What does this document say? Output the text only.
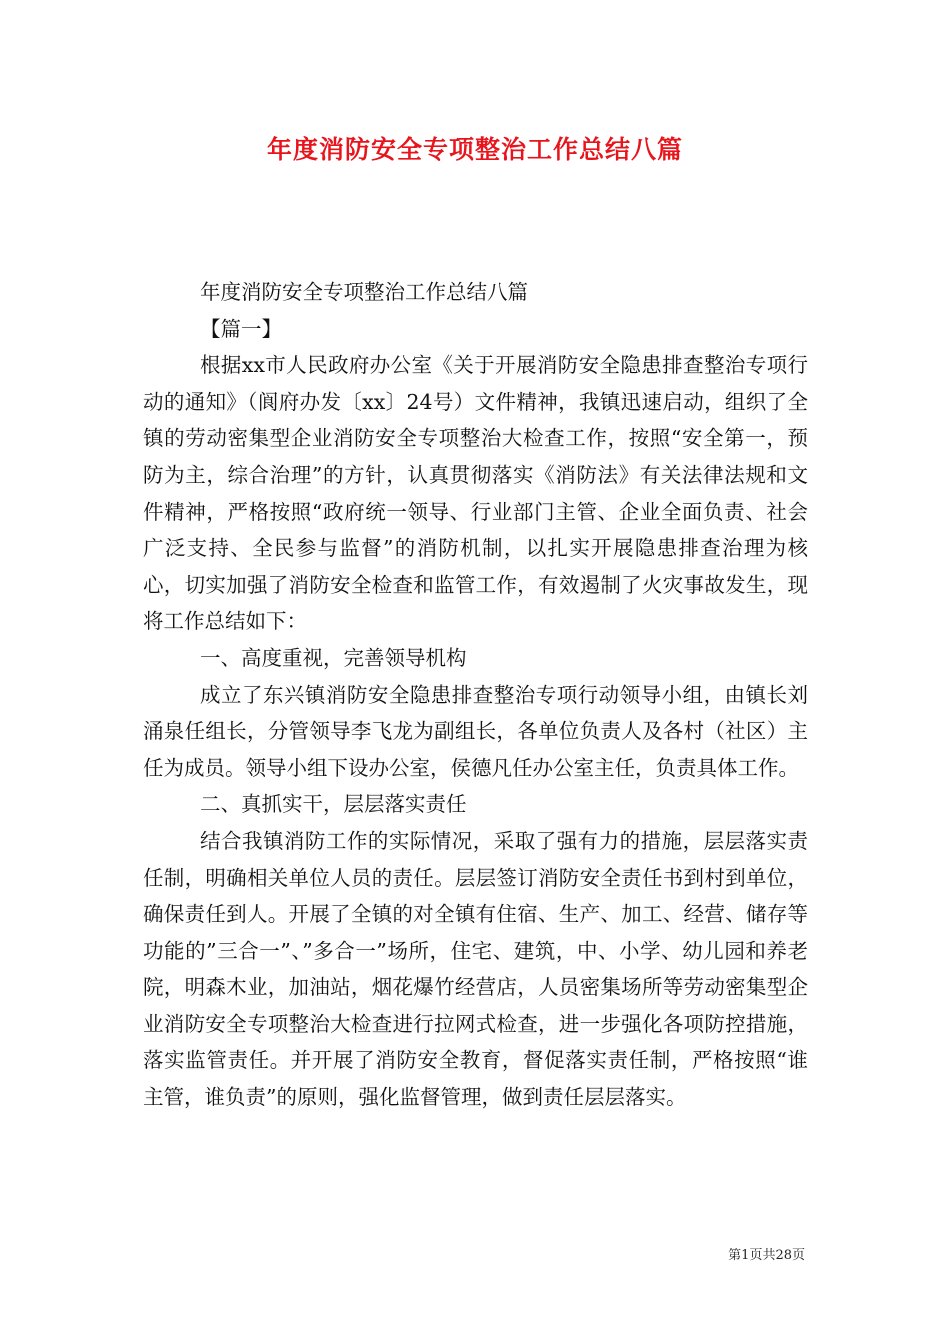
年度消防安全专项整治工作总结八篇

年度消防安全专项整治工作总结八篇

【篇一】

根据xx市人民政府办公室《关于开展消防安全隐患排查整治专项行动的通知》（阆府办发〔xx〕24号）文件精神，我镇迅速启动，组织了全镇的劳动密集型企业消防安全专项整治大检查工作，按照“安全第一，预防为主，综合治理”的方针，认真贯彻落实《消防法》有关法律法规和文件精神，严格按照“政府统一领导、行业部门主管、企业全面负责、社会广泛支持、全民参与监督”的消防机制，以扎实开展隐患排查治理为核心，切实加强了消防安全检查和监管工作，有效遏制了火灾事故发生，现将工作总结如下：

一、高度重视，完善领导机构

成立了东兴镇消防安全隐患排查整治专项行动领导小组，由镇长刘涌泉任组长，分管领导李飞龙为副组长，各单位负责人及各村（社区）主任为成员。领导小组下设办公室，侯德凡任办公室主任，负责具体工作。

二、真抓实干，层层落实责任

结合我镇消防工作的实际情况，采取了强有力的措施，层层落实责任制，明确相关单位人员的责任。层层签订消防安全责任书到村到单位，确保责任到人。开展了全镇的对全镇有住宿、生产、加工、经营、储存等功能的”三合一”、”多合一”场所，住宅、建筑，中、小学、幼儿园和养老院，明森木业，加油站，烟花爆竹经营店，人员密集场所等劳动密集型企业消防安全专项整治大检查进行拉网式检查，进一步强化各项防控措施，落实监管责任。并开展了消防安全教育，督促落实责任制，严格按照“谁主管，谁负责”的原则，强化监督管理，做到责任层层落实。

第1页共28页
